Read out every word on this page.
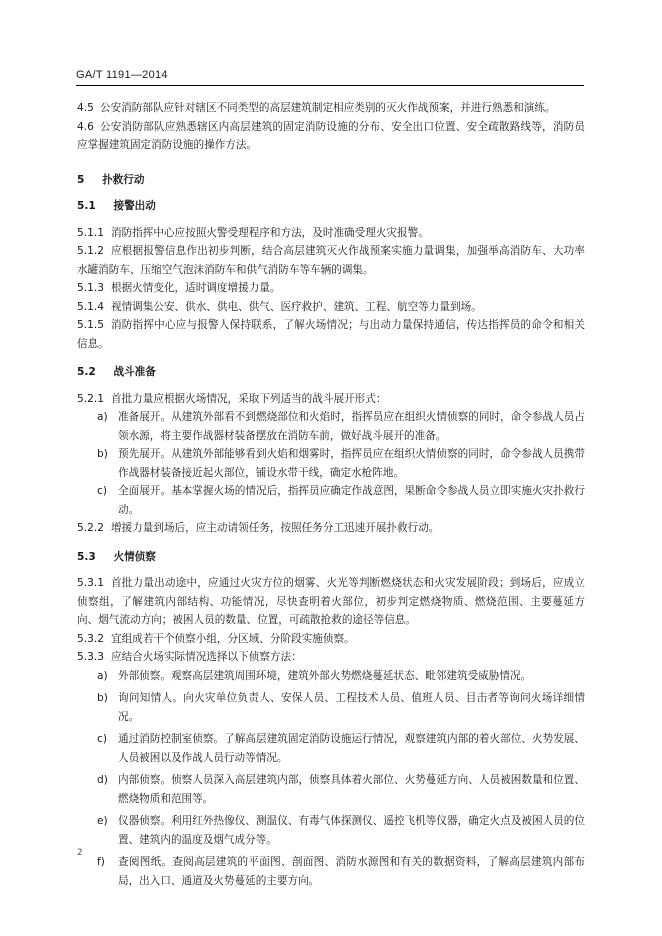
GA/T 1191—2014
4.5 公安消防部队应针对辖区不同类型的高层建筑制定相应类别的灭火作战预案，并进行熟悉和演练。
4.6 公安消防部队应熟悉辖区内高层建筑的固定消防设施的分布、安全出口位置、安全疏散路线等，消防员应掌握建筑固定消防设施的操作方法。
5 扑救行动
5.1 接警出动
5.1.1 消防指挥中心应按照火警受理程序和方法，及时准确受理火灾报警。
5.1.2 应根据报警信息作出初步判断，结合高层建筑灭火作战预案实施力量调集，加强举高消防车、大功率水罐消防车、压缩空气泡沫消防车和供气消防车等车辆的调集。
5.1.3 根据火情变化，适时调度增援力量。
5.1.4 视情调集公安、供水、供电、供气、医疗救护、建筑、工程、航空等力量到场。
5.1.5 消防指挥中心应与报警人保持联系，了解火场情况；与出动力量保持通信，传达指挥员的命令和相关信息。
5.2 战斗准备
5.2.1 首批力量应根据火场情况，采取下列适当的战斗展开形式：
a) 准备展开。从建筑外部看不到燃烧部位和火焰时，指挥员应在组织火情侦察的同时，命令参战人员占领水源，将主要作战器材装备摆放在消防车前，做好战斗展开的准备。
b) 预先展开。从建筑外部能够看到火焰和烟雾时，指挥员应在组织火情侦察的同时，命令参战人员携带作战器材装备接近起火部位，铺设水带干线，确定水枪阵地。
c) 全面展开。基本掌握火场的情况后，指挥员应确定作战意图，果断命令参战人员立即实施火灾扑救行动。
5.2.2 增援力量到场后，应主动请领任务，按照任务分工迅速开展扑救行动。
5.3 火情侦察
5.3.1 首批力量出动途中，应通过火灾方位的烟雾、火光等判断燃烧状态和火灾发展阶段；到场后，应成立侦察组，了解建筑内部结构、功能情况，尽快查明着火部位，初步判定燃烧物质、燃烧范围、主要蔓延方向、烟气流动方向；被困人员的数量、位置，可疏散抢救的途径等信息。
5.3.2 宜组成若干个侦察小组，分区域、分阶段实施侦察。
5.3.3 应结合火场实际情况选择以下侦察方法：
a) 外部侦察。观察高层建筑周围环境，建筑外部火势燃烧蔓延状态、毗邻建筑受威胁情况。
b) 询问知情人。向火灾单位负责人、安保人员、工程技术人员、值班人员、目击者等询问火场详细情况。
c) 通过消防控制室侦察。了解高层建筑固定消防设施运行情况，观察建筑内部的着火部位、火势发展、人员被困以及作战人员行动等情况。
d) 内部侦察。侦察人员深入高层建筑内部，侦察具体着火部位、火势蔓延方向、人员被困数量和位置、燃烧物质和范围等。
e) 仪器侦察。利用红外热像仪、测温仪、有毒气体探测仪、遥控飞机等仪器，确定火点及被困人员的位置、建筑内的温度及烟气成分等。
f) 查阅图纸。查阅高层建筑的平面图、剖面图、消防水源图和有关的数据资料，了解高层建筑内部布局，出入口、通道及火势蔓延的主要方向。
2
